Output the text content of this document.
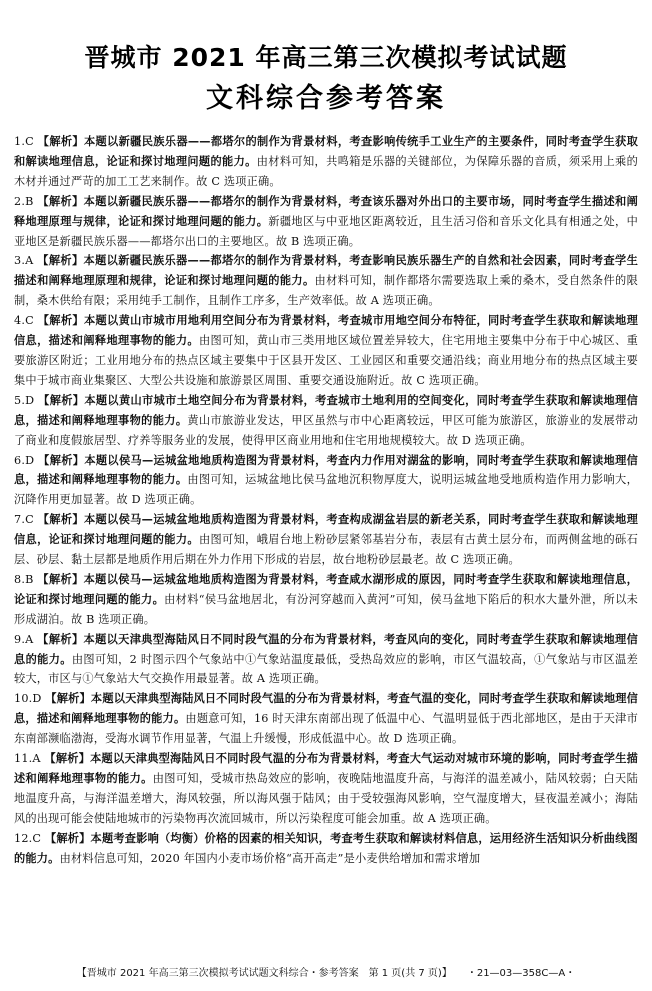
晋城市 2021 年高三第三次模拟考试试题
文科综合参考答案

1.C 【解析】本题以新疆民族乐器——都塔尔的制作为背景材料，考查影响传统手工业生产的主要条件，同时考查学生获取和解读地理信息，论证和探讨地理问题的能力。由材料可知，共鸣箱是乐器的关键部位，为保障乐器的音质，须采用上乘的木材并通过严苛的加工工艺来制作。故 C 选项正确。

2.B 【解析】本题以新疆民族乐器——都塔尔的制作为背景材料，考查该乐器对外出口的主要市场，同时考查学生描述和阐释地理原理与规律，论证和探讨地理问题的能力。新疆地区与中亚地区距离较近，且生活习俗和音乐文化具有相通之处，中亚地区是新疆民族乐器——都塔尔出口的主要地区。故 B 选项正确。

3.A 【解析】本题以新疆民族乐器——都塔尔的制作为背景材料，考查影响民族乐器生产的自然和社会因素，同时考查学生描述和阐释地理原理和规律，论证和探讨地理问题的能力。由材料可知，制作都塔尔需要选取上乘的桑木，受自然条件的限制，桑木供给有限；采用纯手工制作，且制作工序多，生产效率低。故 A 选项正确。

4.C 【解析】本题以黄山市城市用地利用空间分布为背景材料，考查城市用地空间分布特征，同时考查学生获取和解读地理信息，描述和阐释地理事物的能力。由图可知，黄山市三类用地区域位置差异较大，住宅用地主要集中分布于中心城区、重要旅游区附近；工业用地分布的热点区域主要集中于区县开发区、工业园区和重要交通沿线；商业用地分布的热点区域主要集中于城市商业集聚区、大型公共设施和旅游景区周围、重要交通设施附近。故 C 选项正确。

5.D 【解析】本题以黄山市城市土地空间分布为背景材料，考查城市土地利用的空间变化，同时考查学生获取和解读地理信息，描述和阐释地理事物的能力。黄山市旅游业发达，甲区虽然与市中心距离较远，甲区可能为旅游区，旅游业的发展带动了商业和度假旅居型、疗养等服务业的发展，使得甲区商业用地和住宅用地规模较大。故 D 选项正确。

6.D 【解析】本题以侯马—运城盆地地质构造图为背景材料，考查内力作用对湖盆的影响，同时考查学生获取和解读地理信息，描述和阐释地理事物的能力。由图可知，运城盆地比侯马盆地沉积物厚度大，说明运城盆地受地质构造作用力影响大，沉降作用更加显著。故 D 选项正确。

7.C 【解析】本题以侯马—运城盆地地质构造图为背景材料，考查构成湖盆岩层的新老关系，同时考查学生获取和解读地理信息，论证和探讨地理问题的能力。由图可知，峨眉台地上粉砂层紧邻基岩分布，表层有古黄土层分布，而两侧盆地的砾石层、砂层、黏土层都是地质作用后期在外力作用下形成的岩层，故台地粉砂层最老。故 C 选项正确。

8.B 【解析】本题以侯马—运城盆地地质构造图为背景材料，考查咸水湖形成的原因，同时考查学生获取和解读地理信息，论证和探讨地理问题的能力。由材料“侯马盆地居北，有汾河穿越而入黄河”可知，侯马盆地下陷后的积水大量外泄，所以未形成湖泊。故 B 选项正确。

9.A 【解析】本题以天津典型海陆风日不同时段气温的分布为背景材料，考查风向的变化，同时考查学生获取和解读地理信息的能力。由图可知，2 时图示四个气象站中①气象站温度最低，受热岛效应的影响，市区气温较高，①气象站与市区温差较大，市区与①气象站大气交换作用最显著。故 A 选项正确。

10.D 【解析】本题以天津典型海陆风日不同时段气温的分布为背景材料，考查气温的变化，同时考查学生获取和解读地理信息，描述和阐释地理事物的能力。由题意可知，16 时天津东南部出现了低温中心、气温明显低于西北部地区，是由于天津市东南部濒临渤海，受海水调节作用显著，气温上升缓慢，形成低温中心。故 D 选项正确。

11.A 【解析】本题以天津典型海陆风日不同时段气温的分布为背景材料，考查大气运动对城市环境的影响，同时考查学生描述和阐释地理事物的能力。由图可知，受城市热岛效应的影响，夜晚陆地温度升高，与海洋的温差减小，陆风较弱；白天陆地温度升高，与海洋温差增大，海风较强，所以海风强于陆风；由于受较强海风影响，空气湿度增大，昼夜温差减小；海陆风的出现可能会使陆地城市的污染物再次流回城市，所以污染程度可能会加重。故 A 选项正确。

12.C 【解析】本题考查影响（均衡）价格的因素的相关知识，考查考生获取和解读材料信息，运用经济生活知识分析曲线图的能力。由材料信息可知，2020 年国内小麦市场价格“高开高走”是小麦供给增加和需求增加

【晋城市 2021 年高三第三次模拟考试试题文科综合・参考答案　第 1 页(共 7 页)】　　・21—03—358C—A・
